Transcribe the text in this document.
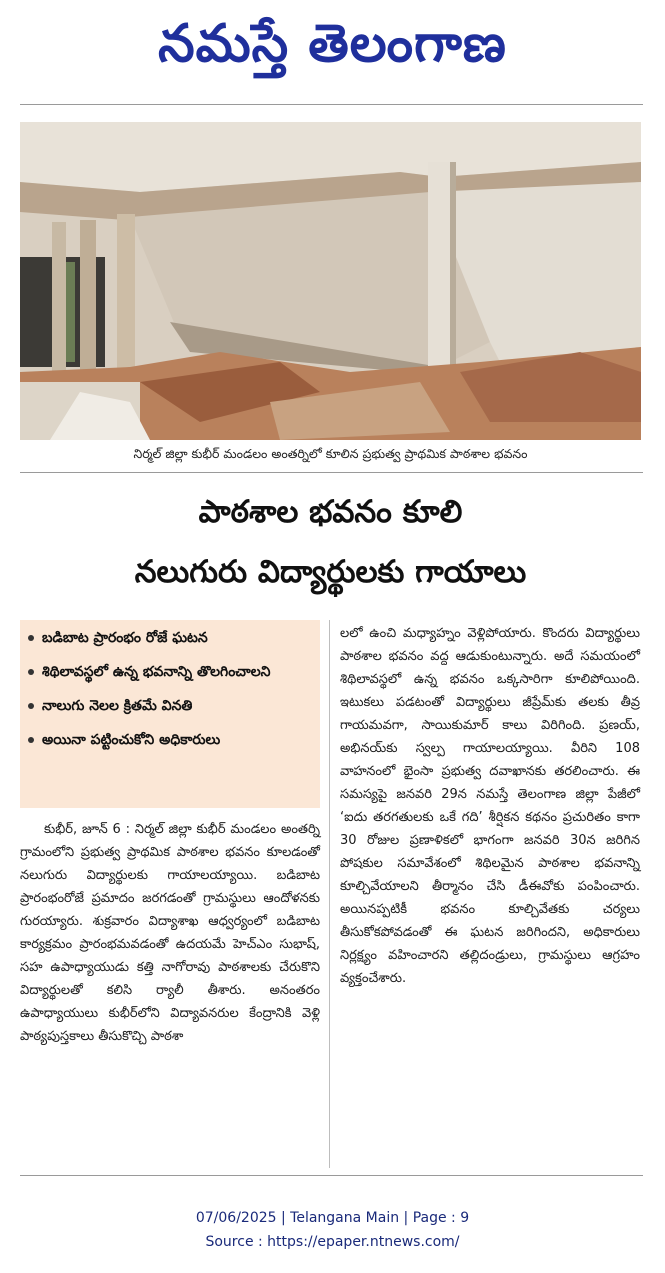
నమస్తే తెలంగాణ
నిర్మల్ జిల్లా కుభీర్ మండలం అంతర్నిలో కూలిన ప్రభుత్వ ప్రాథమిక పాఠశాల భవనం
పాఠశాల భవనం కూలి
నలుగురు విద్యార్థులకు గాయాలు
బడిబాట ప్రారంభం రోజే ఘటన
శిథిలావస్థలో ఉన్న భవనాన్ని తొలగించాలని
నాలుగు నెలల క్రితమే వినతి
అయినా పట్టించుకోని అధికారులు

కుభీర్, జూన్ 6 : నిర్మల్ జిల్లా కుభీర్ మండలం అంతర్ని గ్రామంలోని ప్రభుత్వ ప్రాథమిక పాఠశాల భవనం కూలడంతో నలుగురు విద్యార్థులకు గాయాలయ్యాయి. బడిబాట ప్రారంభంరోజే ప్రమాదం జరగడంతో గ్రామస్థులు ఆందోళనకు గురయ్యారు. శుక్రవారం విద్యాశాఖ ఆధ్వర్యంలో బడిబాట కార్యక్రమం ప్రారంభమవడంతో ఉదయమే హెచ్‌ఎం సుభాష్, సహ ఉపాధ్యాయుడు కత్తి నాగోరావు పాఠశాలకు చేరుకొని విద్యార్థులతో కలిసి ర్యాలీ తీశారు. అనంతరం ఉపాధ్యాయులు కుభీర్‌లోని విద్యావనరుల కేంద్రానికి వెళ్లి పాఠ్యపుస్తకాలు తీసుకొచ్చి పాఠశా

లలో ఉంచి మధ్యాహ్నం వెళ్లిపోయారు. కొందరు విద్యార్థులు పాఠశాల భవనం వద్ద ఆడుకుంటున్నారు. అదే సమయంలో శిథిలావస్థలో ఉన్న భవనం ఒక్కసారిగా కూలిపోయింది. ఇటుకలు పడటంతో విద్యార్థులు జీప్రేమ్‌కు తలకు తీవ్ర గాయమవగా, సాయికుమార్ కాలు విరిగింది. ప్రణయ్, అభినయ్‌కు స్వల్ప గాయాలయ్యాయి. వీరిని 108 వాహనంలో భైంసా ప్రభుత్వ దవాఖానకు తరలించారు. ఈ సమస్యపై జనవరి 29న నమస్తే తెలంగాణ జిల్లా పేజీలో ‘ఐదు తరగతులకు ఒకే గది’ శీర్షికన కథనం ప్రచురితం కాగా 30 రోజుల ప్రణాళికలో భాగంగా జనవరి 30న జరిగిన పోషకుల సమావేశంలో శిథిలమైన పాఠశాల భవనాన్ని కూల్చివేయాలని తీర్మానం చేసి డీఈవోకు పంపించారు. అయినప్పటికీ భవనం కూల్చివేతకు చర్యలు తీసుకోకపోవడంతో ఈ ఘటన జరిగిందని, అధికారులు నిర్లక్ష్యం వహించారని తల్లిదండ్రులు, గ్రామస్థులు ఆగ్రహం వ్యక్తంచేశారు.

07/06/2025 | Telangana Main | Page : 9
Source : https://epaper.ntnews.com/
